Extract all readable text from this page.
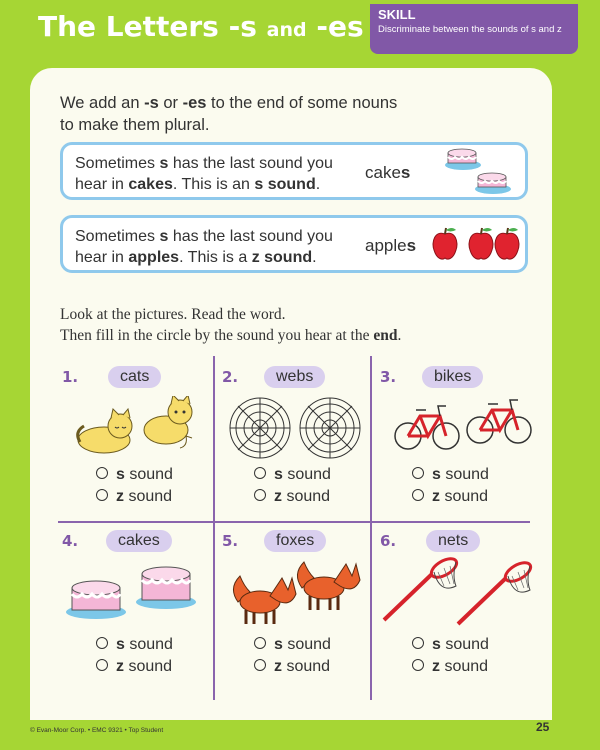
The Letters -s and -es SKILL
Discriminate between the sounds of s and z
We add an -s or -es to the end of some nouns
to make them plural.
Sometimes s has the last sound you
hear in cakes. This is an s sound.
cakes
Sometimes s has the last sound you
hear in apples. This is a z sound.
apples
Look at the pictures. Read the word.
Then fill in the circle by the sound you hear at the end.
1.	cats
s sound
z sound
2.	webs
s sound
z sound
3.	bikes
s sound
z sound
4.	cakes
s sound
z sound
5.	foxes
s sound
z sound
6.	nets
s sound
z sound
© Evan-Moor Corp. • EMC 9321 • Top Student	25
